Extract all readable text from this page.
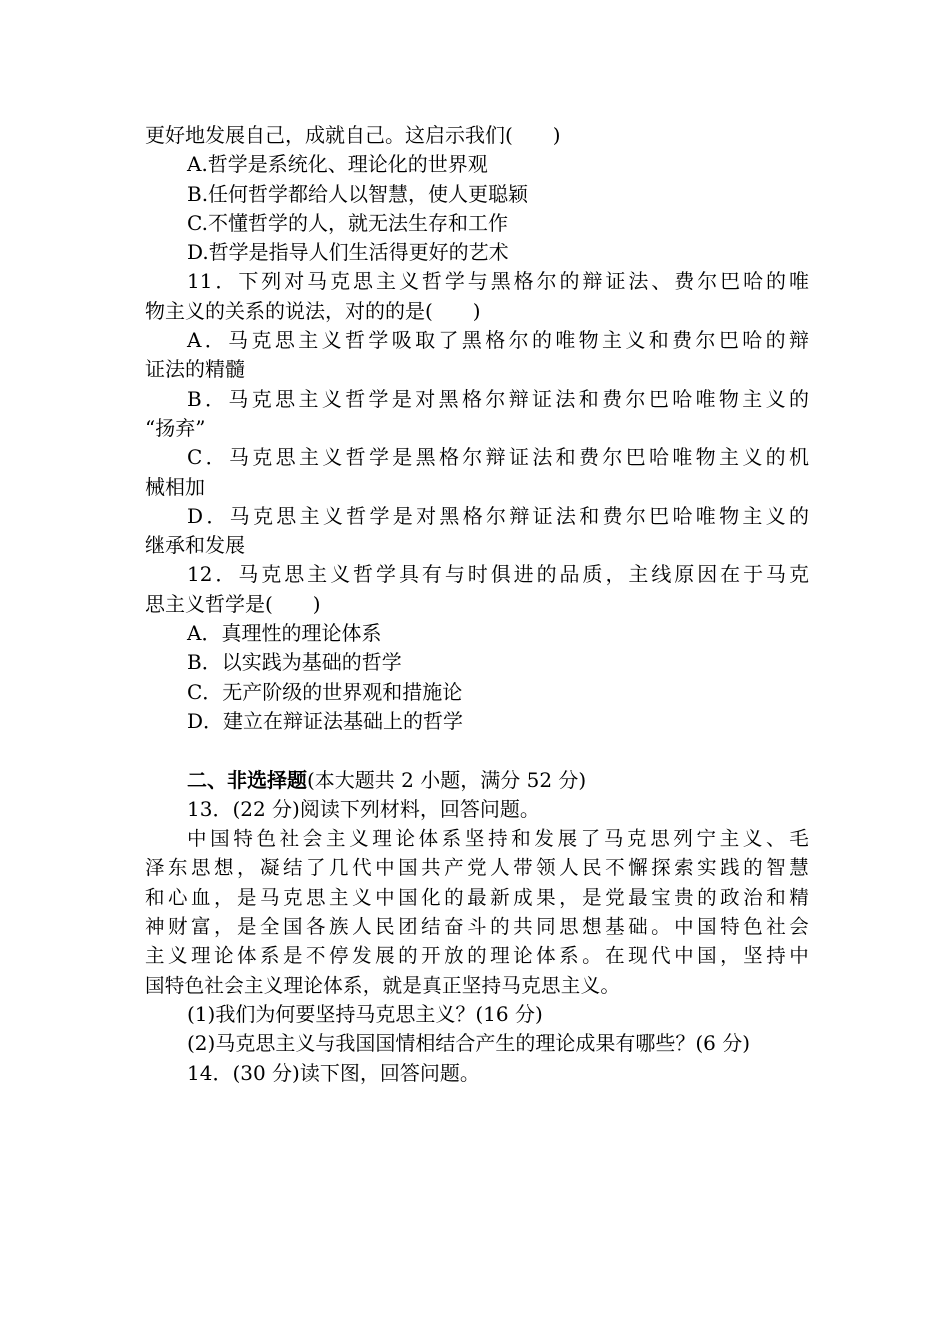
更好地发展自己，成就自己。这启示我们(　　)
A.哲学是系统化、理论化的世界观
B.任何哲学都给人以智慧，使人更聪颖
C.不懂哲学的人，就无法生存和工作
D.哲学是指导人们生活得更好的艺术
11．下列对马克思主义哲学与黑格尔的辩证法、费尔巴哈的唯
物主义的关系的说法，对的的是(　　)
A．马克思主义哲学吸取了黑格尔的唯物主义和费尔巴哈的辩
证法的精髓
B．马克思主义哲学是对黑格尔辩证法和费尔巴哈唯物主义的
“扬弃”
C．马克思主义哲学是黑格尔辩证法和费尔巴哈唯物主义的机
械相加
D．马克思主义哲学是对黑格尔辩证法和费尔巴哈唯物主义的
继承和发展
12．马克思主义哲学具有与时俱进的品质，主线原因在于马克
思主义哲学是(　　)
A．真理性的理论体系
B．以实践为基础的哲学
C．无产阶级的世界观和措施论
D．建立在辩证法基础上的哲学
二、非选择题(本大题共 2 小题，满分 52 分)
13．(22 分)阅读下列材料，回答问题。
中国特色社会主义理论体系坚持和发展了马克思列宁主义、毛
泽东思想，凝结了几代中国共产党人带领人民不懈探索实践的智慧
和心血，是马克思主义中国化的最新成果，是党最宝贵的政治和精
神财富，是全国各族人民团结奋斗的共同思想基础。中国特色社会
主义理论体系是不停发展的开放的理论体系。在现代中国，坚持中
国特色社会主义理论体系，就是真正坚持马克思主义。
(1)我们为何要坚持马克思主义？(16 分)
(2)马克思主义与我国国情相结合产生的理论成果有哪些？(6 分)
14．(30 分)读下图，回答问题。
